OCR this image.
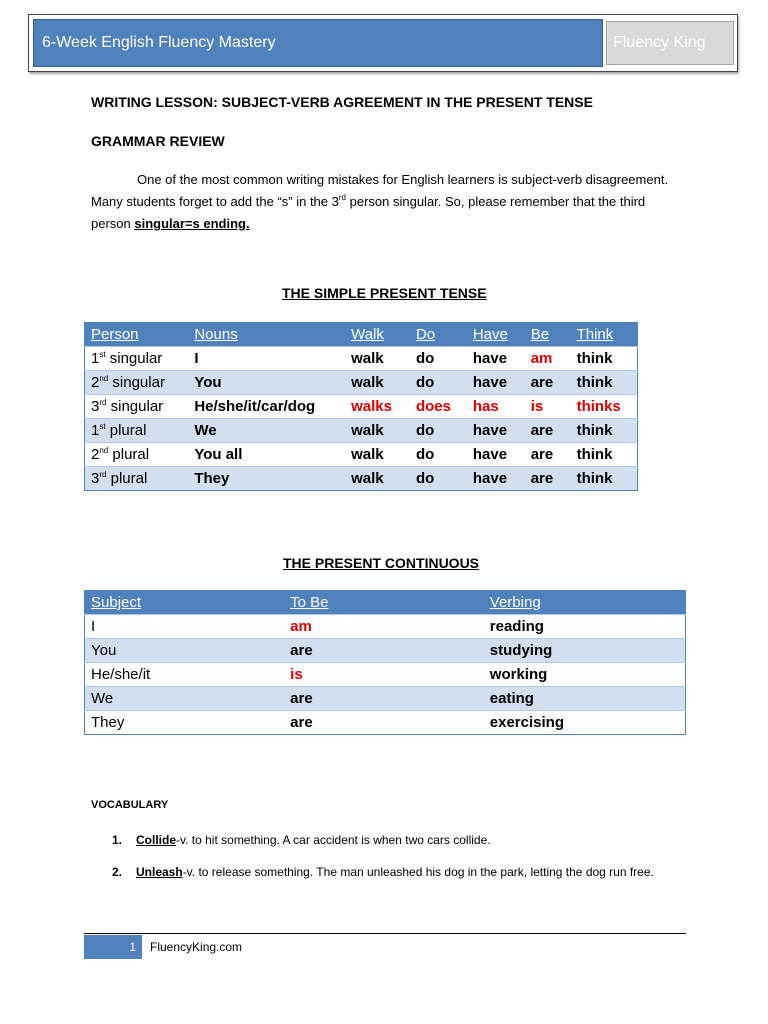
6-Week English Fluency Mastery	Fluency King
WRITING LESSON: SUBJECT-VERB AGREEMENT IN THE PRESENT TENSE
GRAMMAR REVIEW
One of the most common writing mistakes for English learners is subject-verb disagreement. Many students forget to add the “s” in the 3rd person singular. So, please remember that the third person singular=s ending.
THE SIMPLE PRESENT TENSE
Person	Nouns	Walk	Do	Have	Be	Think
1st singular	I	walk	do	have	am	think
2nd singular	You	walk	do	have	are	think
3rd singular	He/she/it/car/dog	walks	does	has	is	thinks
1st plural	We	walk	do	have	are	think
2nd plural	You all	walk	do	have	are	think
3rd plural	They	walk	do	have	are	think
THE PRESENT CONTINUOUS
Subject	To Be	Verbing
I	am	reading
You	are	studying
He/she/it	is	working
We	are	eating
They	are	exercising
VOCABULARY
1. Collide-v. to hit something. A car accident is when two cars collide.
2. Unleash-v. to release something. The man unleashed his dog in the park, letting the dog run free.
1	FluencyKing.com
